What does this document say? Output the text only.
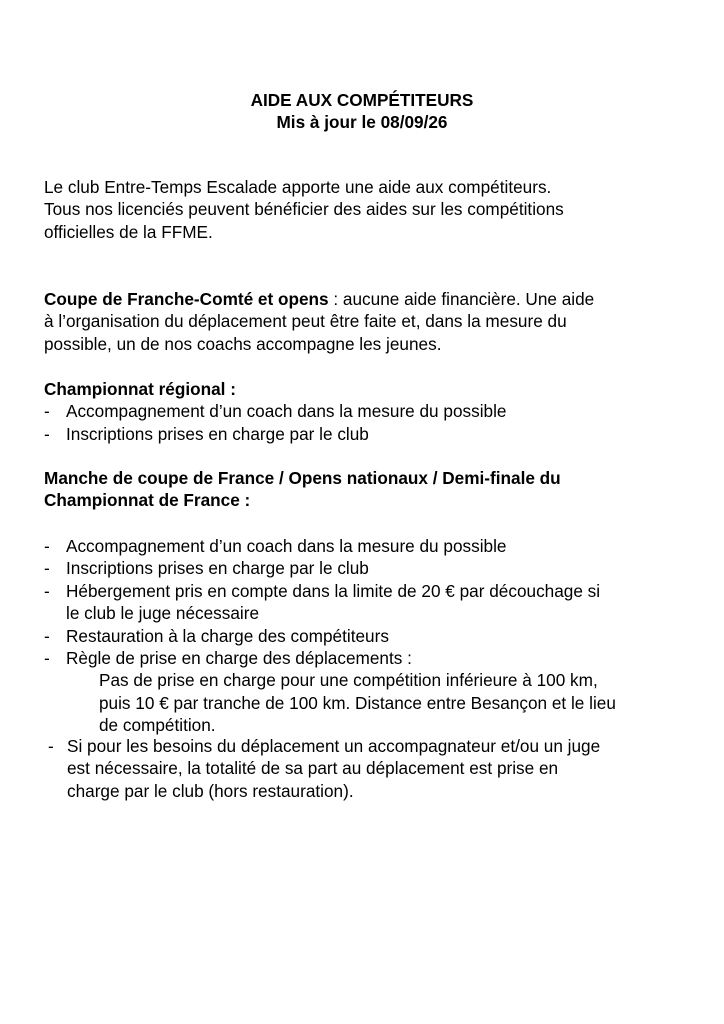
AIDE AUX COMPÉTITEURS
Mis à jour le 08/09/26

Le club Entre-Temps Escalade apporte une aide aux compétiteurs.

Tous nos licenciés peuvent bénéficier des aides sur les compétitions

officielles de la FFME.

Coupe de Franche-Comté et opens : aucune aide financière. Une aide

à l’organisation du déplacement peut être faite et, dans la mesure du

possible, un de nos coachs accompagne les jeunes.

Championnat régional :

- Accompagnement d’un coach dans la mesure du possible
- Inscriptions prises en charge par le club

Manche de coupe de France / Opens nationaux / Demi-finale du

Championnat de France :

- Accompagnement d’un coach dans la mesure du possible
- Inscriptions prises en charge par le club
- Hébergement pris en compte dans la limite de 20 € par découchage si

le club le juge nécessaire

- Restauration à la charge des compétiteurs
- Règle de prise en charge des déplacements :

Pas de prise en charge pour une compétition inférieure à 100 km,

puis 10 € par tranche de 100 km. Distance entre Besançon et le lieu

de compétition.

- Si pour les besoins du déplacement un accompagnateur et/ou un juge

est nécessaire, la totalité de sa part au déplacement est prise en

charge par le club (hors restauration).
